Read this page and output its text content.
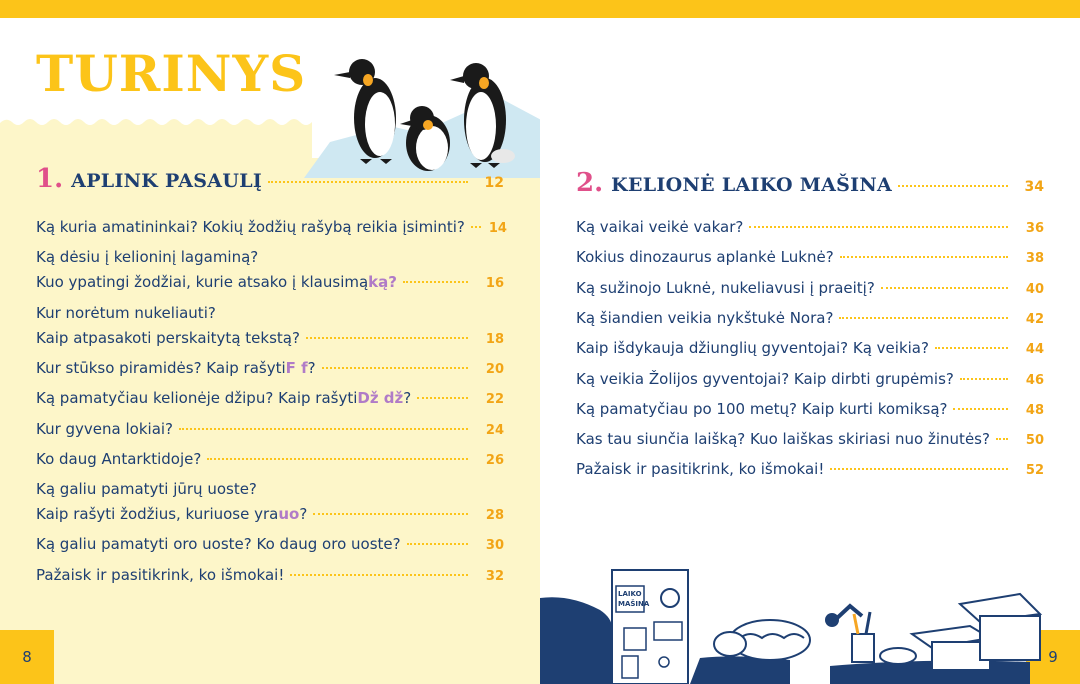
TURINYS
1. APLINK PASAULĮ	12
Ką kuria amatininkai? Kokių žodžių rašybą reikia įsiminti? 14
Ką dėsiu į kelioninį lagaminą?
Kuo ypatingi žodžiai, kurie atsako į klausimą ką?	16
Kur norėtum nukeliauti?
Kaip atpasakoti perskaitytą tekstą?	18
Kur stūkso piramidės? Kaip rašyti F f ?	20
Ką pamatyčiau kelionėje džipu? Kaip rašyti Dž dž ?	22
Kur gyvena lokiai?	24
Ko daug Antarktidoje?	26
Ką galiu pamatyti jūrų uoste?
Kaip rašyti žodžius, kuriuose yra uo ?	28
Ką galiu pamatyti oro uoste? Ko daug oro uoste?	30
Pažaisk ir pasitikrink, ko išmokai!	32
8
2. KELIONĖ LAIKO MAŠINA	34
Ką vaikai veikė vakar?	36
Kokius dinozaurus aplankė Luknė?	38
Ką sužinojo Luknė, nukeliavusi į praeitį?	40
Ką šiandien veikia nykštukė Nora?	42
Kaip išdykauja džiunglių gyventojai? Ką veikia?	44
Ką veikia Žolijos gyventojai? Kaip dirbti grupėmis?	46
Ką pamatyčiau po 100 metų? Kaip kurti komiksą?	48
Kas tau siunčia laišką? Kuo laiškas skiriasi nuo žinutės?	50
Pažaisk ir pasitikrink, ko išmokai!	52
9
LAIKO
MAŠINA
